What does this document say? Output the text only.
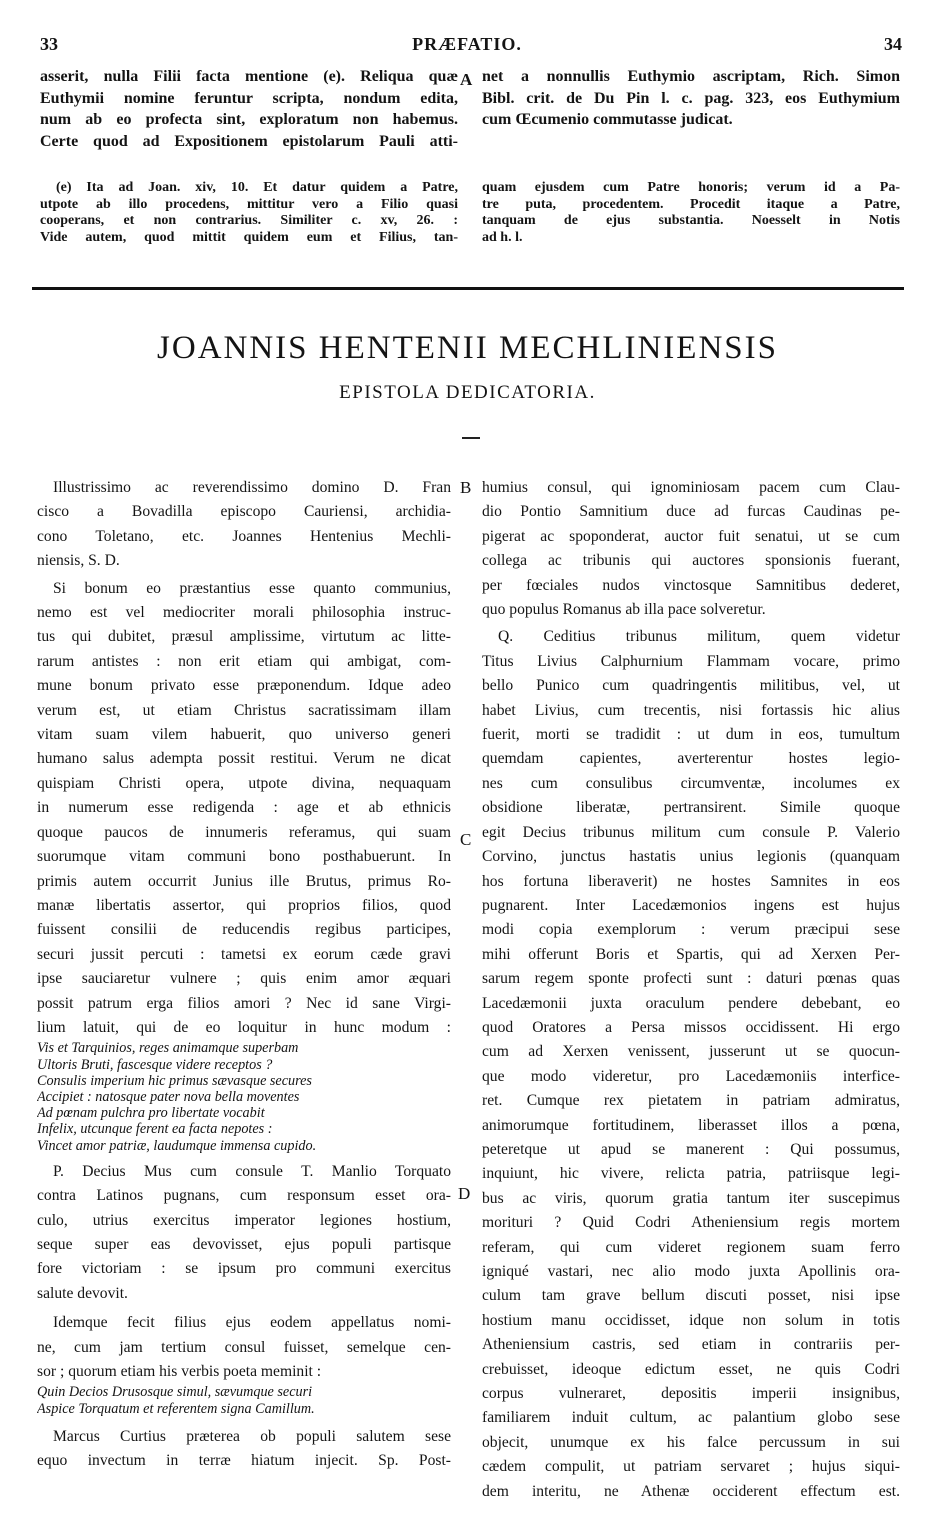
33	PRÆFATIO.	34
asserit, nulla Filii facta mentione (e). Reliqua quæ
Euthymii nomine feruntur scripta, nondum edita,
num ab eo profecta sint, exploratum non habemus.
Certe quod ad Expositionem epistolarum Pauli atti-
A net a nonnullis Euthymio ascriptam, Rich. Simon
Bibl. crit. de Du Pin l. c. pag. 323, eos Euthymium
cum Œcumenio commutasse judicat.
(e) Ita ad Joan. xiv, 10. Et datur quidem a Patre,
utpote ab illo procedens, mittitur vero a Filio quasi
cooperans, et non contrarius. Similiter c. xv, 26. :
Vide autem, quod mittit quidem eum et Filius, tan-
quam ejusdem cum Patre honoris; verum id a Pa-
tre puta, procedentem. Procedit itaque a Patre,
tanquam de ejus substantia. Noesselt in Notis
ad h. l.
JOANNIS HENTENII MECHLINIENSIS
EPISTOLA DEDICATORIA.
Illustrissimo ac reverendissimo domino D. Fran
cisco a Bovadilla episcopo Cauriensi, archidia-
cono Toletano, etc. Joannes Hentenius Mechli-
niensis, S. D.
Si bonum eo præstantius esse quanto communius,
nemo est vel mediocriter morali philosophia instruc-
tus qui dubitet, præsul amplissime, virtutum ac litte-
rarum antistes : non erit etiam qui ambigat, com-
mune bonum privato esse præponendum. Idque adeo
verum est, ut etiam Christus sacratissimam illam
vitam suam vilem habuerit, quo universo generi
humano salus adempta possit restitui. Verum ne dicat
quispiam Christi opera, utpote divina, nequaquam
in numerum esse redigenda : age et ab ethnicis
quoque paucos de innumeris referamus, qui suam
suorumque vitam communi bono posthabuerunt. In
primis autem occurrit Junius ille Brutus, primus Ro-
manæ libertatis assertor, qui proprios filios, quod
fuissent consilii de reducendis regibus participes,
securi jussit percuti : tametsi ex eorum cæde gravi
ipse sauciaretur vulnere ; quis enim amor æquari
possit patrum erga filios amori ? Nec id sane Virgi-
lium latuit, qui de eo loquitur in hunc modum :
Vis et Tarquinios, reges animamque superbam
Ultoris Bruti, fascesque videre receptos ?
Consulis imperium hic primus sævasque secures
Accipiet : natosque pater nova bella moventes
Ad pœnam pulchra pro libertate vocabit
Infelix, utcunque ferent ea facta nepotes :
Vincet amor patriæ, laudumque immensa cupido.
P. Decius Mus cum consule T. Manlio Torquato
contra Latinos pugnans, cum responsum esset ora-
culo, utrius exercitus imperator legiones hostium,
seque super eas devovisset, ejus populi partisque
fore victoriam : se ipsum pro communi exercitus
salute devovit.
Idemque fecit filius ejus eodem appellatus nomi-
ne, cum jam tertium consul fuisset, semelque cen-
sor ; quorum etiam his verbis poeta meminit :
Quin Decios Drusosque simul, sævumque securi
Aspice Torquatum et referentem signa Camillum.
Marcus Curtius præterea ob populi salutem sese
equo invectum in terræ hiatum injecit. Sp. Post-
humius consul, qui ignominiosam pacem cum Clau-
dio Pontio Samnitium duce ad furcas Caudinas pe-
pigerat ac spoponderat, auctor fuit senatui, ut se cum
collega ac tribunis qui auctores sponsionis fuerant,
per fœciales nudos vinctosque Samnitibus dederet,
quo populus Romanus ab illa pace solveretur.
Q. Ceditius tribunus militum, quem videtur
Titus Livius Calphurnium Flammam vocare, primo
bello Punico cum quadringentis militibus, vel, ut
habet Livius, cum trecentis, nisi fortassis hic alius
fuerit, morti se tradidit : ut dum in eos, tumultum
quemdam capientes, averterentur hostes legio-
nes cum consulibus circumventæ, incolumes ex
obsidione liberatæ, pertransirent. Simile quoque
egit Decius tribunus militum cum consule P. Valerio
Corvino, junctus hastatis unius legionis (quanquam
hos fortuna liberaverit) ne hostes Samnites in eos
pugnarent. Inter Lacedæmonios ingens est hujus
modi copia exemplorum : verum præcipui sese
mihi offerunt Boris et Spartis, qui ad Xerxen Per-
sarum regem sponte profecti sunt : daturi pœnas quas
Lacedæmonii juxta oraculum pendere debebant, eo
quod Oratores a Persa missos occidissent. Hi ergo
cum ad Xerxen venissent, jusserunt ut se quocun-
que modo videretur, pro Lacedæmoniis interfice-
ret. Cumque rex pietatem in patriam admiratus,
animorumque fortitudinem, liberasset illos a pœna,
peteretque ut apud se manerent : Qui possumus,
inquiunt, hic vivere, relicta patria, patriisque legi-
bus ac viris, quorum gratia tantum iter suscepimus
morituri ? Quid Codri Atheniensium regis mortem
referam, qui cum videret regionem suam ferro
igniqué vastari, nec alio modo juxta Apollinis ora-
culum tam grave bellum discuti posset, nisi ipse
hostium manu occidisset, idque non solum in totis
Atheniensium castris, sed etiam in contrariis per-
crebuisset, ideoque edictum esset, ne quis Codri
corpus vulneraret, depositis imperii insignibus,
familiarem induit cultum, ac palantium globo sese
objecit, unumque ex his falce percussum in sui
cædem compulit, ut patriam servaret ; hujus siqui-
dem interitu, ne Athenæ occiderent effectum est.
B
C
D
